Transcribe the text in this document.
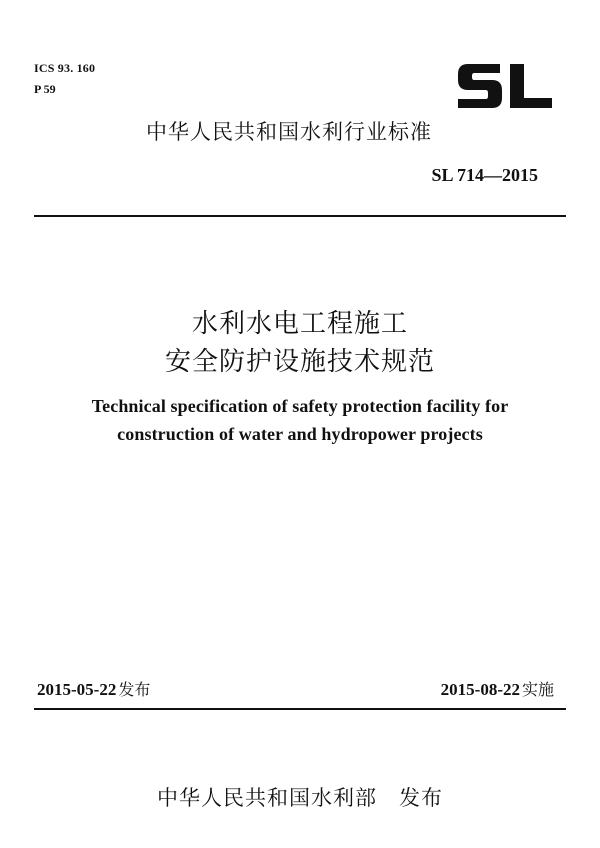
ICS 93. 160
P 59
中华人民共和国水利行业标准
SL 714—2015
水利水电工程施工
安全防护设施技术规范
Technical specification of safety protection facility for
construction of water and hydropower projects
2015-05-22 发布	2015-08-22 实施
中华人民共和国水利部 发布
